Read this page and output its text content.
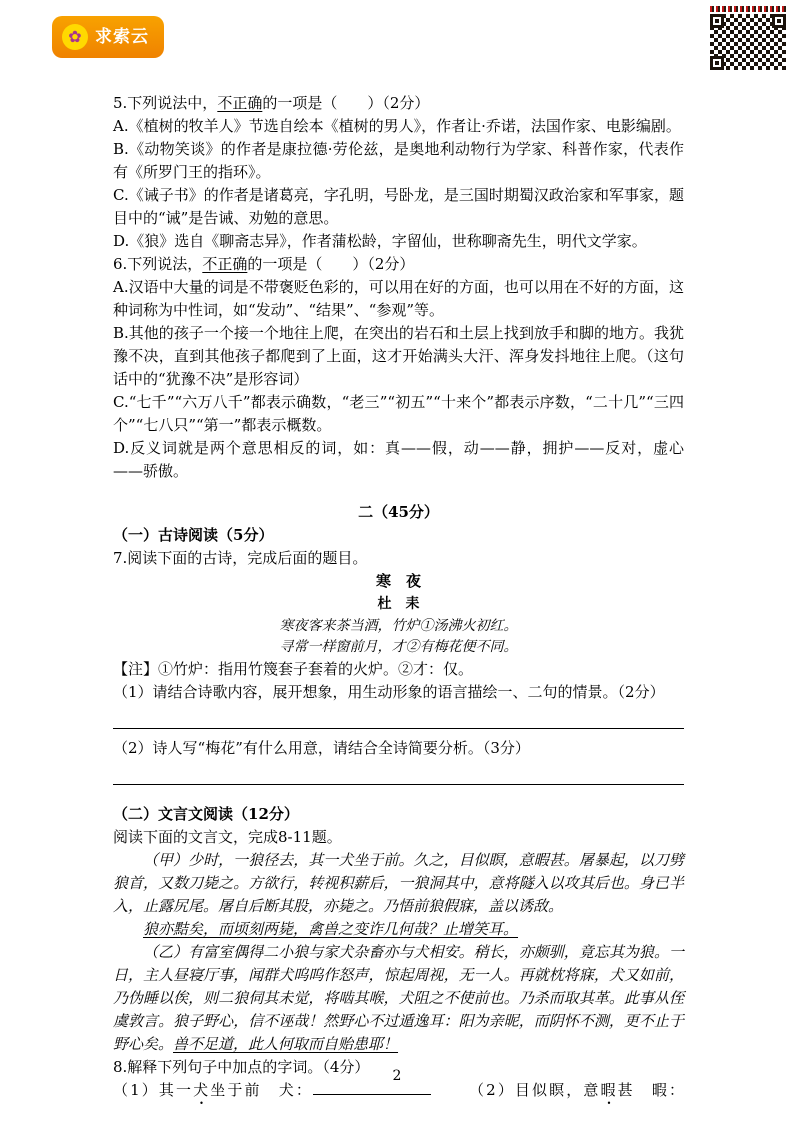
✿ 求索云

5.下列说法中，不正确的一项是（　　）（2分）

A.《植树的牧羊人》节选自绘本《植树的男人》，作者让·乔诺，法国作家、电影编剧。

B.《动物笑谈》的作者是康拉德·劳伦兹，是奥地利动物行为学家、科普作家，代表作有《所罗门王的指环》。

C.《诫子书》的作者是诸葛亮，字孔明，号卧龙，是三国时期蜀汉政治家和军事家，题目中的“诫”是告诫、劝勉的意思。

D.《狼》选自《聊斋志异》，作者蒲松龄，字留仙，世称聊斋先生，明代文学家。

6.下列说法，不正确的一项是（　　）（2分）

A.汉语中大量的词是不带褒贬色彩的，可以用在好的方面，也可以用在不好的方面，这种词称为中性词，如“发动”、“结果”、“参观”等。

B.其他的孩子一个接一个地往上爬，在突出的岩石和土层上找到放手和脚的地方。我犹豫不决，直到其他孩子都爬到了上面，这才开始满头大汗、浑身发抖地往上爬。（这句话中的“犹豫不决”是形容词）

C.“七千”“六万八千”都表示确数，“老三”“初五”“十来个”都表示序数，“二十几”“三四个”“七八只”“第一”都表示概数。

D.反义词就是两个意思相反的词，如：真——假，动——静，拥护——反对，虚心——骄傲。

二（45分）

（一）古诗阅读（5分）

7.阅读下面的古诗，完成后面的题目。

寒　夜

杜　耒

寒夜客来茶当酒，竹炉①汤沸火初红。

寻常一样窗前月，才②有梅花便不同。

【注】①竹炉：指用竹篾套子套着的火炉。②才：仅。

（1）请结合诗歌内容，展开想象，用生动形象的语言描绘一、二句的情景。（2分）

（2）诗人写“梅花”有什么用意，请结合全诗简要分析。（3分）

（二）文言文阅读（12分）

阅读下面的文言文，完成8-11题。

（甲）少时，一狼径去，其一犬坐于前。久之，目似瞑，意暇甚。屠暴起，以刀劈狼首，又数刀毙之。方欲行，转视积薪后，一狼洞其中，意将隧入以攻其后也。身已半入，止露尻尾。屠自后断其股，亦毙之。乃悟前狼假寐，盖以诱敌。

狼亦黠矣，而顷刻两毙，禽兽之变诈几何哉？止增笑耳。

（乙）有富室偶得二小狼与家犬杂畜亦与犬相安。稍长，亦颇驯，竟忘其为狼。一日，主人昼寝厅事，闻群犬呜呜作怒声，惊起周视，无一人。再就枕将寐，犬又如前，乃伪睡以俟，则二狼伺其未觉，将啮其喉，犬阻之不使前也。乃杀而取其革。此事从侄虞敦言。狼子野心，信不诬哉！然野心不过遁逸耳：阳为亲昵，而阴怀不测，更不止于野心矣。兽不足道，此人何取而自贻患耶！

8.解释下列句子中加点的字词。（4分）

（1）其一犬坐于前　犬：	（2）目似瞑，意暇甚　暇：

2
